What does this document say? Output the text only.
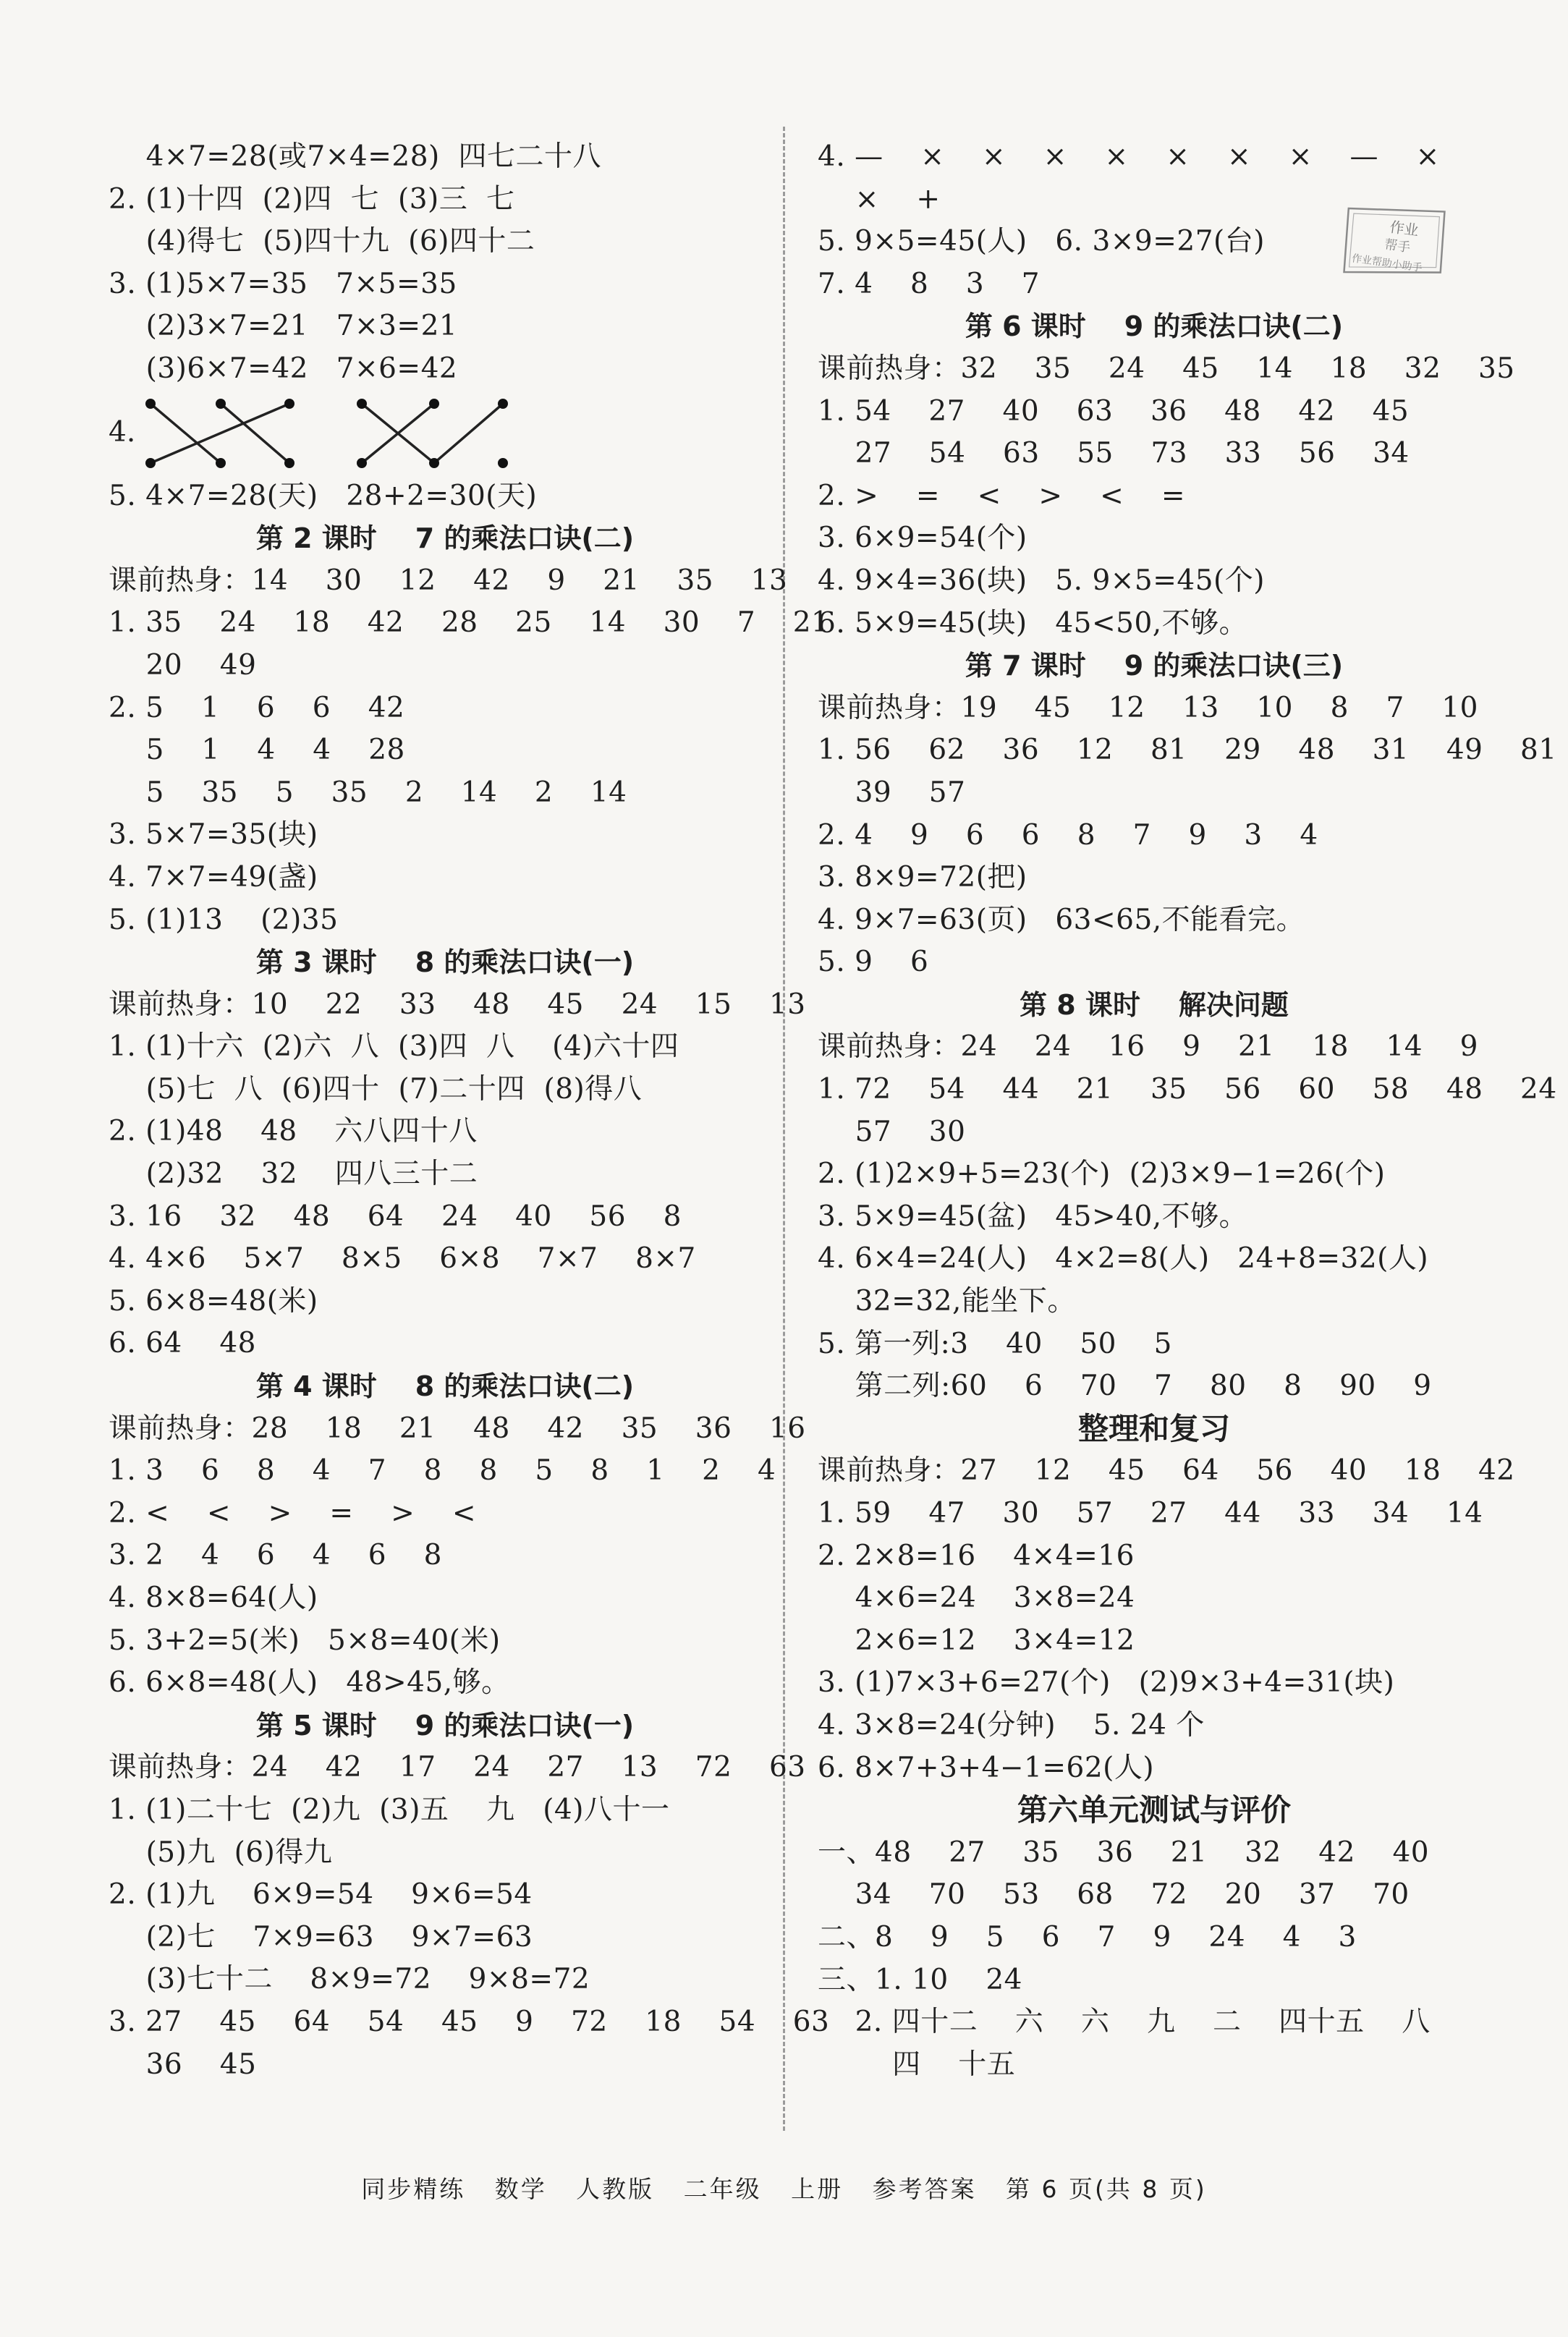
4×7=28(或7×4=28)  四七二十八
2. (1)十四  (2)四  七  (3)三  七
(4)得七  (5)四十九  (6)四十二
3. (1)5×7=35   7×5=35
(2)3×7=21   7×3=21
(3)6×7=42   7×6=42
4.
5. 4×7=28(天)   28+2=30(天)
第 2 课时    7 的乘法口诀(二)
课前热身：14    30    12    42    9    21    35    13
1. 35    24    18    42    28    25    14    30    7    21
20    49
2. 5    1    6    6    42
5    1    4    4    28
5    35    5    35    2    14    2    14
3. 5×7=35(块)
4. 7×7=49(盏)
5. (1)13    (2)35
第 3 课时    8 的乘法口诀(一)
课前热身：10    22    33    48    45    24    15    13
1. (1)十六  (2)六  八  (3)四  八    (4)六十四
(5)七  八  (6)四十  (7)二十四  (8)得八
2. (1)48    48    六八四十八
(2)32    32    四八三十二
3. 16    32    48    64    24    40    56    8
4. 4×6    5×7    8×5    6×8    7×7    8×7
5. 6×8=48(米)
6. 64    48
第 4 课时    8 的乘法口诀(二)
课前热身：28    18    21    48    42    35    36    16
1. 3    6    8    4    7    8    8    5    8    1    2    4
2. <    <    >    =    >    <
3. 2    4    6    4    6    8
4. 8×8=64(人)
5. 3+2=5(米)   5×8=40(米)
6. 6×8=48(人)   48>45,够。
第 5 课时    9 的乘法口诀(一)
课前热身：24    42    17    24    27    13    72    63
1. (1)二十七  (2)九  (3)五    九   (4)八十一
(5)九  (6)得九
2. (1)九    6×9=54    9×6=54
(2)七    7×9=63    9×7=63
(3)七十二    8×9=72    9×8=72
3. 27    45    64    54    45    9    72    18    54    63
36    45
4. —    ×    ×    ×    ×    ×    ×    ×    —    ×
×    +
5. 9×5=45(人)   6. 3×9=27(台)
7. 4    8    3    7
第 6 课时    9 的乘法口诀(二)
课前热身：32    35    24    45    14    18    32    35
1. 54    27    40    63    36    48    42    45
27    54    63    55    73    33    56    34
2. >    =    <    >    <    =
3. 6×9=54(个)
4. 9×4=36(块)   5. 9×5=45(个)
6. 5×9=45(块)   45<50,不够。
第 7 课时    9 的乘法口诀(三)
课前热身：19    45    12    13    10    8    7    10
1. 56    62    36    12    81    29    48    31    49    81
39    57
2. 4    9    6    6    8    7    9    3    4
3. 8×9=72(把)
4. 9×7=63(页)   63<65,不能看完。
5. 9    6
第 8 课时    解决问题
课前热身：24    24    16    9    21    18    14    9
1. 72    54    44    21    35    56    60    58    48    24
57    30
2. (1)2×9+5=23(个)  (2)3×9−1=26(个)
3. 5×9=45(盆)   45>40,不够。
4. 6×4=24(人)   4×2=8(人)   24+8=32(人)
32=32,能坐下。
5. 第一列:3    40    50    5
第二列:60    6    70    7    80    8    90    9
整理和复习
课前热身：27    12    45    64    56    40    18    42
1. 59    47    30    57    27    44    33    34    14
2. 2×8=16    4×4=16
4×6=24    3×8=24
2×6=12    3×4=12
3. (1)7×3+6=27(个)   (2)9×3+4=31(块)
4. 3×8=24(分钟)    5. 24 个
6. 8×7+3+4−1=62(人)
第六单元测试与评价
一、48    27    35    36    21    32    42    40
34    70    53    68    72    20    37    70
二、8    9    5    6    7    9    24    4    3
三、1. 10    24
2. 四十二    六    六    九    二    四十五    八
四    十五
作业
帮手
作业帮助小助手
同步精练   数学   人教版   二年级   上册   参考答案   第 6 页(共 8 页)
